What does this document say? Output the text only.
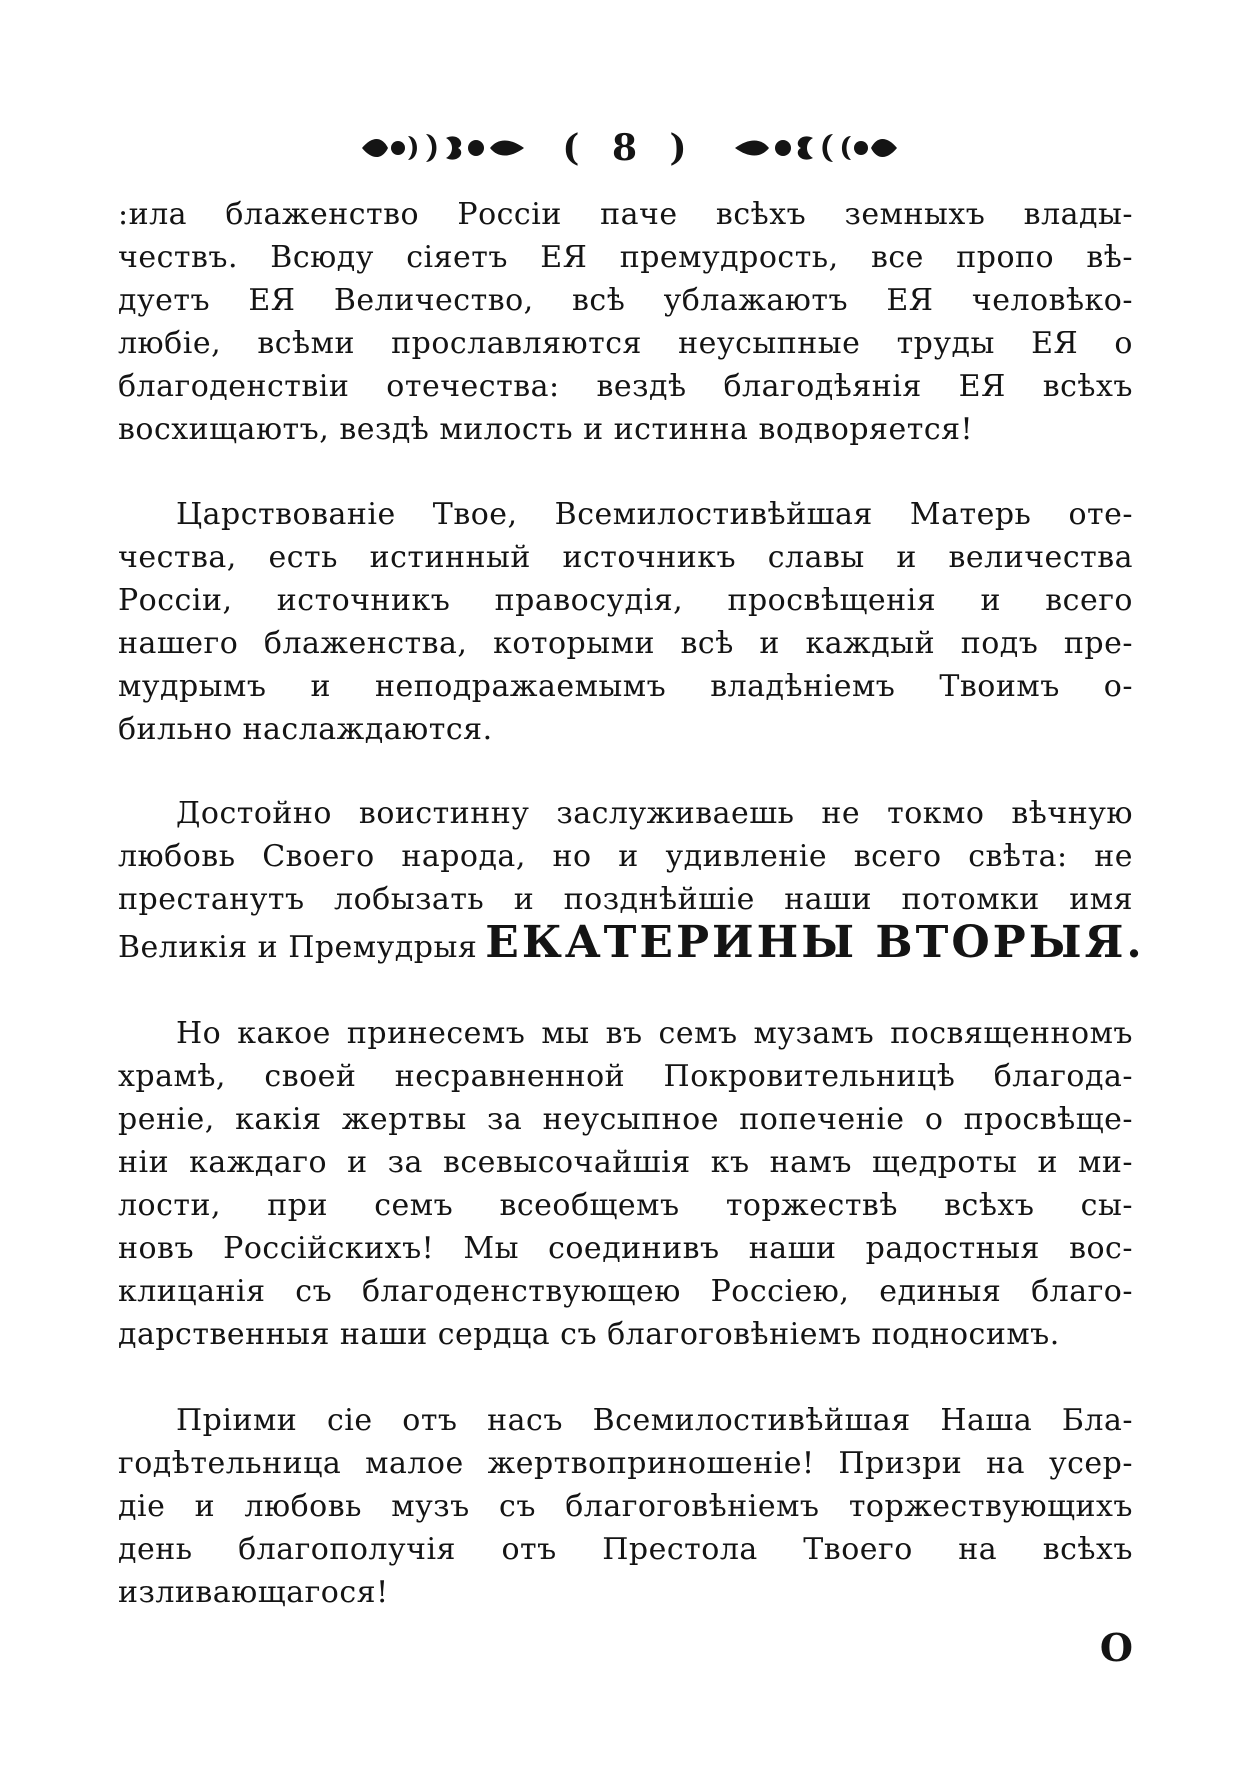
( 8 )
:ила блаженство Россiи паче всѣхъ земныхъ влады-
чествъ. Всюду сiяетъ ЕЯ премудрость, все пропо вѣ-
дуетъ ЕЯ Величество, всѣ ублажаютъ ЕЯ человѣко-
любiе, всѣми прославляются неусыпные труды ЕЯ о
благоденствiи отечества: вездѣ благодѣянiя ЕЯ всѣхъ
восхищаютъ, вездѣ милость и истинна водворяется!
Царствованiе Твое, Всемилостивѣйшая Матерь оте-
чества, есть истинный источникъ славы и величества
Россiи, источникъ правосудiя, просвѣщенiя и всего
нашего блаженства, которыми всѣ и каждый подъ пре-
мудрымъ и неподражаемымъ владѣнiемъ Твоимъ о-
бильно наслаждаются.
Достойно воистинну заслуживаешь не токмо вѣчную
любовь Своего народа, но и удивленiе всего свѣта: не
престанутъ лобызать и позднѣйшiе наши потомки имя
Великiя и Премудрыя ЕКАТЕРИНЫ ВТОРЫЯ.
Но какое принесемъ мы въ семъ музамъ посвященномъ
храмѣ, своей несравненной Покровительницѣ благода-
ренiе, какiя жертвы за неусыпное попеченiе о просвѣще-
нiи каждаго и за всевысочайшiя къ намъ щедроты и ми-
лости, при семъ всеобщемъ торжествѣ всѣхъ сы-
новъ Россiйскихъ! Мы соединивъ наши радостныя вос-
клицанiя съ благоденствующею Россiею, единыя благо-
дарственныя наши сердца съ благоговѣнiемъ подносимъ.
Прiими сiе отъ насъ Всемилостивѣйшая Наша Бла-
годѣтельница малое жертвоприношенiе! Призри на усер-
дiе и любовь музъ съ благоговѣнiемъ торжествующихъ
день благополучiя отъ Престола Твоего на всѣхъ
изливающагося!
О
